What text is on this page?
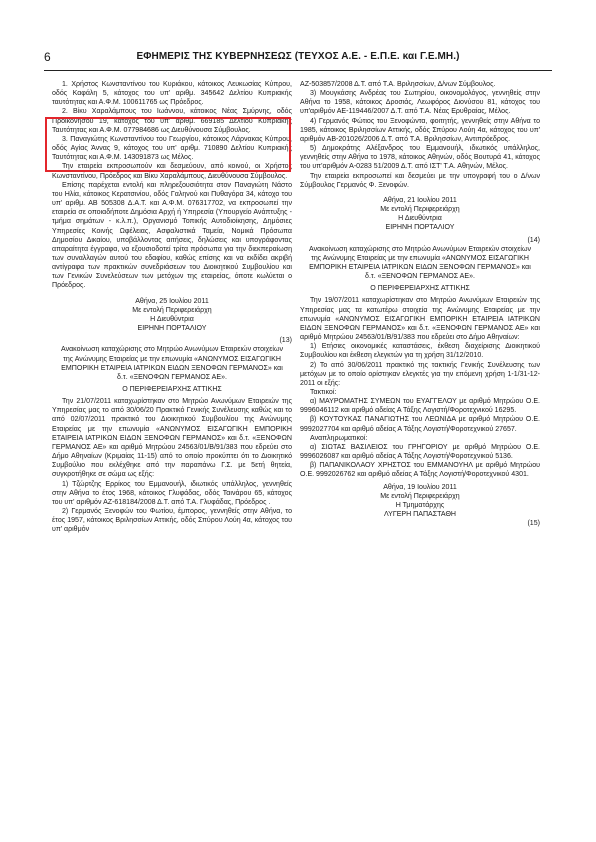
6	ΕΦΗΜΕΡΙΣ ΤΗΣ ΚΥΒΕΡΝΗΣΕΩΣ (ΤΕΥΧΟΣ Α.Ε. - Ε.Π.Ε. και Γ.Ε.ΜΗ.)

1. Χρήστος Κωνσταντίνου του Κυριάκου, κάτοικος Λευκωσίας Κύπρου, οδός Καφάλη 5, κάτοχος του υπ' αριθμ. 345642 Δελτίου Κυπριακής ταυτότητας και Α.Φ.Μ. 100611765 ως Πρόεδρος.

2. Βίκυ Χαραλάμπους του Ιωάννου, κάτοικος Νέας Σμύρνης, οδός Προικονήσου 19, κάτοχος του υπ' αριθμ. 669185 Δελτίου Κυπριακής Ταυτότητας και Α.Φ.Μ. 077984686 ως Διευθύνουσα Σύμβουλος.

3. Παναγιώτης Κωνσταντίνου του Γεωργίου, κάτοικος Λάρνακας Κύπρου, οδός Αγίας Άννας 9, κάτοχος του υπ' αριθμ. 710890 Δελτίου Κυπριακής Ταυτότητας και Α.Φ.Μ. 143091873 ως Μέλος.

Την εταιρεία εκπροσωπούν και δεσμεύουν, από κοινού, οι Χρήστος Κωνσταντίνου, Πρόεδρος και Βίκυ Χαραλάμπους, Διευθύνουσα Σύμβουλος.

Επίσης παρέχεται εντολή και πληρεξουσιότητα στον Παναγιώτη Νάστο του Ηλία, κάτοικος Κερατσινίου, οδός Γαληνού και Πυθαγόρα 34, κάτοχο του υπ' αριθμ. ΑΒ 505308 Δ.Α.Τ. και Α.Φ.Μ. 076317702, να εκπροσωπεί την εταιρεία σε οποιαδήποτε Δημόσια Αρχή ή Υπηρεσία (Υπουργείο Ανάπτυξης - τμήμα σημάτων - κ.λ.π.), Οργανισμό Τοπικής Αυτοδιοίκησης, Δημόσιες Υπηρεσίες Κοινής Ωφέλειας, Ασφαλιστικά Ταμεία, Νομικά Πρόσωπα Δημοσίου Δικαίου, υποβάλλοντας αιτήσεις, δηλώσεις και υπογράφοντας απαραίτητα έγγραφα, να εξουσιοδοτεί τρίτα πρόσωπα για την διεκπεραίωση των συναλλαγών αυτού του εδαφίου, καθώς επίσης και να εκδίδει ακριβή αντίγραφα των πρακτικών συνεδριάσεων του Διοικητικού Συμβουλίου και των Γενικών Συνελεύσεων των μετόχων της εταιρείας, όποτε κωλύεται ο Πρόεδρος.

Αθήνα, 25 Ιουλίου 2011

Με εντολή Περιφερειάρχη

Η Διευθύντρια

ΕΙΡΗΝΗ ΠΟΡΤΑΛΙΟΥ

(13)

Ανακοίνωση καταχώρισης στο Μητρώο Ανωνύμων Εταιρειών στοιχείων της Ανώνυμης Εταιρείας με την επωνυμία «ΑΝΩΝΥΜΟΣ ΕΙΣΑΓΩΓΙΚΗ ΕΜΠΟΡΙΚΗ ΕΤΑΙΡΕΙΑ ΙΑΤΡΙΚΩΝ ΕΙΔΩΝ ΞΕΝΟΦΩΝ ΓΕΡΜΑΝΟΣ» και δ.τ. «ΞΕΝΟΦΩΝ ΓΕΡΜΑΝΟΣ ΑΕ».

Ο ΠΕΡΙΦΕΡΕΙΑΡΧΗΣ ΑΤΤΙΚΗΣ

Την 21/07/2011 καταχωρίστηκαν στο Μητρώο Ανωνύμων Εταιρειών της Υπηρεσίας μας το από 30/06/20 Πρακτικό Γενικής Συνέλευσης καθώς και το από 02/07/2011 πρακτικό του Διοικητικού Συμβουλίου της Ανώνυμης Εταιρείας με την επωνυμία «ΑΝΩΝΥΜΟΣ ΕΙΣΑΓΩΓΙΚΗ ΕΜΠΟΡΙΚΗ ΕΤΑΙΡΕΙΑ ΙΑΤΡΙΚΩΝ ΕΙΔΩΝ ΞΕΝΟΦΩΝ ΓΕΡΜΑΝΟΣ» και δ.τ. «ΞΕΝΟΦΩΝ ΓΕΡΜΑΝΟΣ ΑΕ» και αριθμό Μητρώου 24563/01/Β/91/383 που εδρεύει στο Δήμο Αθηναίων (Κριμαίας 11-15) από το οποίο προκύπτει ότι το Διοικητικό Συμβούλιο που εκλέχθηκε από την παραπάνω Γ.Σ. με 5ετή θητεία, συγκροτήθηκε σε σώμα ως εξής:

1) Τζώρτζης Ερρίκος του Εμμανουήλ, ιδιωτικός υπάλληλος, γεννηθείς στην Αθήνα το έτος 1968, κάτοικος Γλυφάδας, οδός Ταινάρου 65, κάτοχος του υπ' αριθμόν ΑΖ-618184/2008 Δ.Τ. από Τ.Α. Γλυφάδας, Πρόεδρος .

2) Γερμανός Ξενοφών του Φωτίου, έμπορος, γεννηθείς στην Αθήνα, το έτος 1957, κάτοικος Βριλησσίων Αττικής, οδός Σπύρου Λούη 4α, κάτοχος του υπ' αριθμόν

ΑΖ-503857/2008 Δ.Τ. από Τ.Α. Βριλησσίων, Δ/νων Σύμβουλος.

3) Μουγκάσης Ανδρέας του Σωτηρίου, οικονομολόγος, γεννηθείς στην Αθήνα το 1958, κάτοικος Δροσιάς, Λεωφόρος Διονύσου 81, κάτοχος του υπ'αριθμόν ΑΕ-119446/2007 Δ.Τ. από Τ.Α. Νέας Ερυθραίας, Μέλος.

4) Γερμανός Φώτιος του Ξενοφώντα, φοιτητής, γεννηθείς στην Αθήνα το 1985, κάτοικος Βριλησσίων Αττικής, οδός Σπύρου Λούη 4α, κάτοχος του υπ' αριθμόν ΑΒ-201026/2006 Δ.Τ. από Τ.Α. Βριλησσίων, Αντιπρόεδρος.

5) Δημοκράτης Αλέξανδρος του Εμμανουήλ, ιδιωτικός υπάλληλος, γεννηθείς στην Αθήνα το 1978, κάτοικος Αθηνών, οδός Βουτυρά 41, κάτοχος του υπ'αριθμόν Α-0283 51/2009 Δ.Τ. από ΙΣΤ' Τ.Α. Αθηνών, Μέλος.

Την εταιρεία εκπροσωπεί και δεσμεύει με την υπογραφή του ο Δ/νων Σύμβουλος Γερμανός Φ. Ξενοφών.

Αθήνα, 21 Ιουλίου 2011

Με εντολή Περιφερειάρχη

Η Διευθύντρια

ΕΙΡΗΝΗ ΠΟΡΤΑΛΙΟΥ

(14)

Ανακοίνωση καταχώρισης στο Μητρώο Ανωνύμων Εταιρειών στοιχείων της Ανώνυμης Εταιρείας με την επωνυμία «ΑΝΩΝΥΜΟΣ ΕΙΣΑΓΩΓΙΚΗ ΕΜΠΟΡΙΚΗ ΕΤΑΙΡΕΙΑ ΙΑΤΡΙΚΩΝ ΕΙΔΩΝ ΞΕΝΟΦΩΝ ΓΕΡΜΑΝΟΣ» και δ.τ. «ΞΕΝΟΦΩΝ ΓΕΡΜΑΝΟΣ ΑΕ».

Ο ΠΕΡΙΦΕΡΕΙΑΡΧΗΣ ΑΤΤΙΚΗΣ

Την 19/07/2011 καταχωρίστηκαν στο Μητρώο Ανωνύμων Εταιρειών της Υπηρεσίας μας τα κατωτέρω στοιχεία της Ανώνυμης Εταιρείας με την επωνυμία «ΑΝΩΝΥΜΟΣ ΕΙΣΑΓΩΓΙΚΗ ΕΜΠΟΡΙΚΗ ΕΤΑΙΡΕΙΑ ΙΑΤΡΙΚΩΝ ΕΙΔΩΝ ΞΕΝΟΦΩΝ ΓΕΡΜΑΝΟΣ» και δ.τ. «ΞΕΝΟΦΩΝ ΓΕΡΜΑΝΟΣ ΑΕ» και αριθμό Μητρώου 24563/01/Β/91/383 που εδρεύει στο Δήμο Αθηναίων:

1) Ετήσιες οικονομικές καταστάσεις, έκθεση διαχείρισης Διοικητικού Συμβουλίου και έκθεση ελεγκτών για τη χρήση 31/12/2010.

2) Το από 30/06/2011 πρακτικό της τακτικής Γενικής Συνέλευσης των μετόχων με το οποίο ορίστηκαν ελεγκτές για την επόμενη χρήση 1-1/31-12-2011 οι εξής:

Τακτικοί:

α) ΜΑΥΡΟΜΑΤΗΣ ΣΥΜΕΩΝ του ΕΥΑΓΓΕΛΟΥ με αριθμό Μητρώου Ο.Ε. 9996046112 και αριθμό αδείας Α Τάξης Λογιστή/Φοροτεχνικού 16295.

β) ΚΟΥΤΟΥΚΑΣ ΠΑΝΑΓΙΩΤΗΣ του ΛΕΩΝΙΔΑ με αριθμό Μητρώου Ο.Ε. 9992027704 και αριθμό αδείας Α Τάξης Λογιστή/Φοροτεχνικού 27657.

Αναπληρωματικοί:

α) ΣΙΩΤΑΣ ΒΑΣΙΛΕΙΟΣ του ΓΡΗΓΟΡΙΟΥ με αριθμό Μητρώου Ο.Ε. 9996026087 και αριθμό αδείας Α Τάξης Λογιστή/Φοροτεχνικού 5136.

β) ΠΑΠΑΝΙΚΟΛΑΟΥ ΧΡΗΣΤΟΣ του ΕΜΜΑΝΟΥΗΛ με αριθμό Μητρώου Ο.Ε. 9992026762 και αριθμό αδείας Α Τάξης Λογιστή/Φοροτεχνικού 4301.

Αθήνα, 19 Ιουλίου 2011

Με εντολή Περιφερειάρχη

Η Τμηματάρχης

ΛΥΓΕΡΗ ΠΑΠΑΣΤΑΘΗ

(15)
